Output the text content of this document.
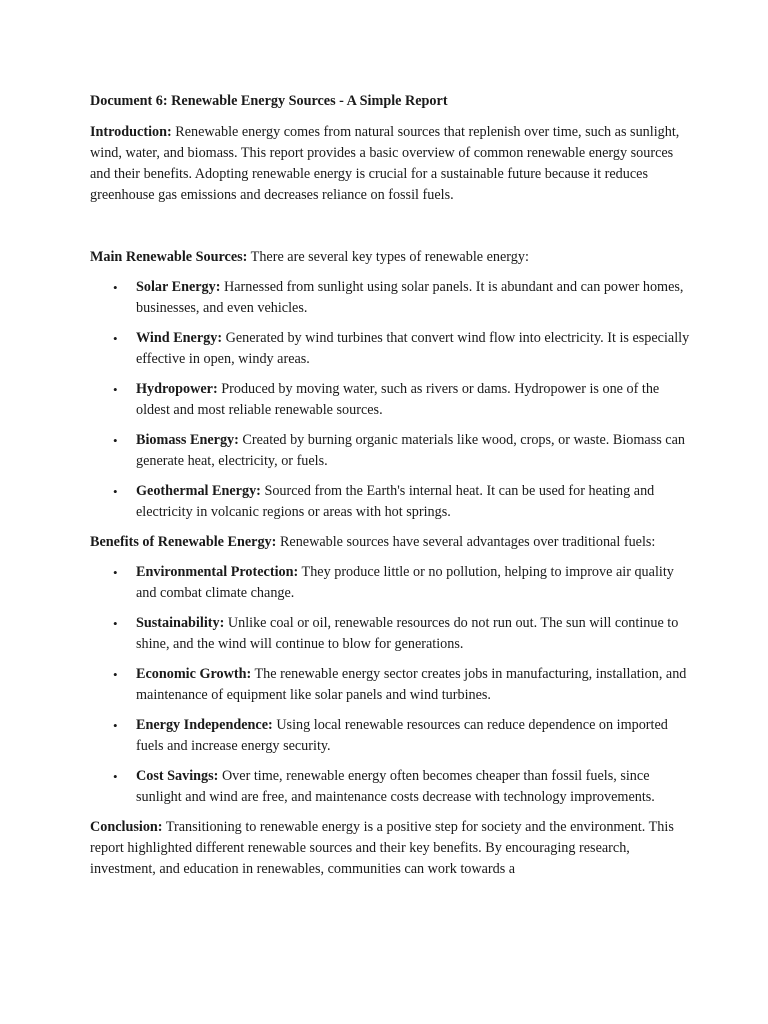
Document 6: Renewable Energy Sources - A Simple Report

Introduction: Renewable energy comes from natural sources that replenish over time, such as sunlight, wind, water, and biomass. This report provides a basic overview of common renewable energy sources and their benefits. Adopting renewable energy is crucial for a sustainable future because it reduces greenhouse gas emissions and decreases reliance on fossil fuels.

Main Renewable Sources: There are several key types of renewable energy:

• Solar Energy: Harnessed from sunlight using solar panels. It is abundant and can power homes, businesses, and even vehicles.
• Wind Energy: Generated by wind turbines that convert wind flow into electricity. It is especially effective in open, windy areas.
• Hydropower: Produced by moving water, such as rivers or dams. Hydropower is one of the oldest and most reliable renewable sources.
• Biomass Energy: Created by burning organic materials like wood, crops, or waste. Biomass can generate heat, electricity, or fuels.
• Geothermal Energy: Sourced from the Earth's internal heat. It can be used for heating and electricity in volcanic regions or areas with hot springs.

Benefits of Renewable Energy: Renewable sources have several advantages over traditional fuels:

• Environmental Protection: They produce little or no pollution, helping to improve air quality and combat climate change.
• Sustainability: Unlike coal or oil, renewable resources do not run out. The sun will continue to shine, and the wind will continue to blow for generations.
• Economic Growth: The renewable energy sector creates jobs in manufacturing, installation, and maintenance of equipment like solar panels and wind turbines.
• Energy Independence: Using local renewable resources can reduce dependence on imported fuels and increase energy security.
• Cost Savings: Over time, renewable energy often becomes cheaper than fossil fuels, since sunlight and wind are free, and maintenance costs decrease with technology improvements.

Conclusion: Transitioning to renewable energy is a positive step for society and the environment. This report highlighted different renewable sources and their key benefits. By encouraging research, investment, and education in renewables, communities can work towards a
